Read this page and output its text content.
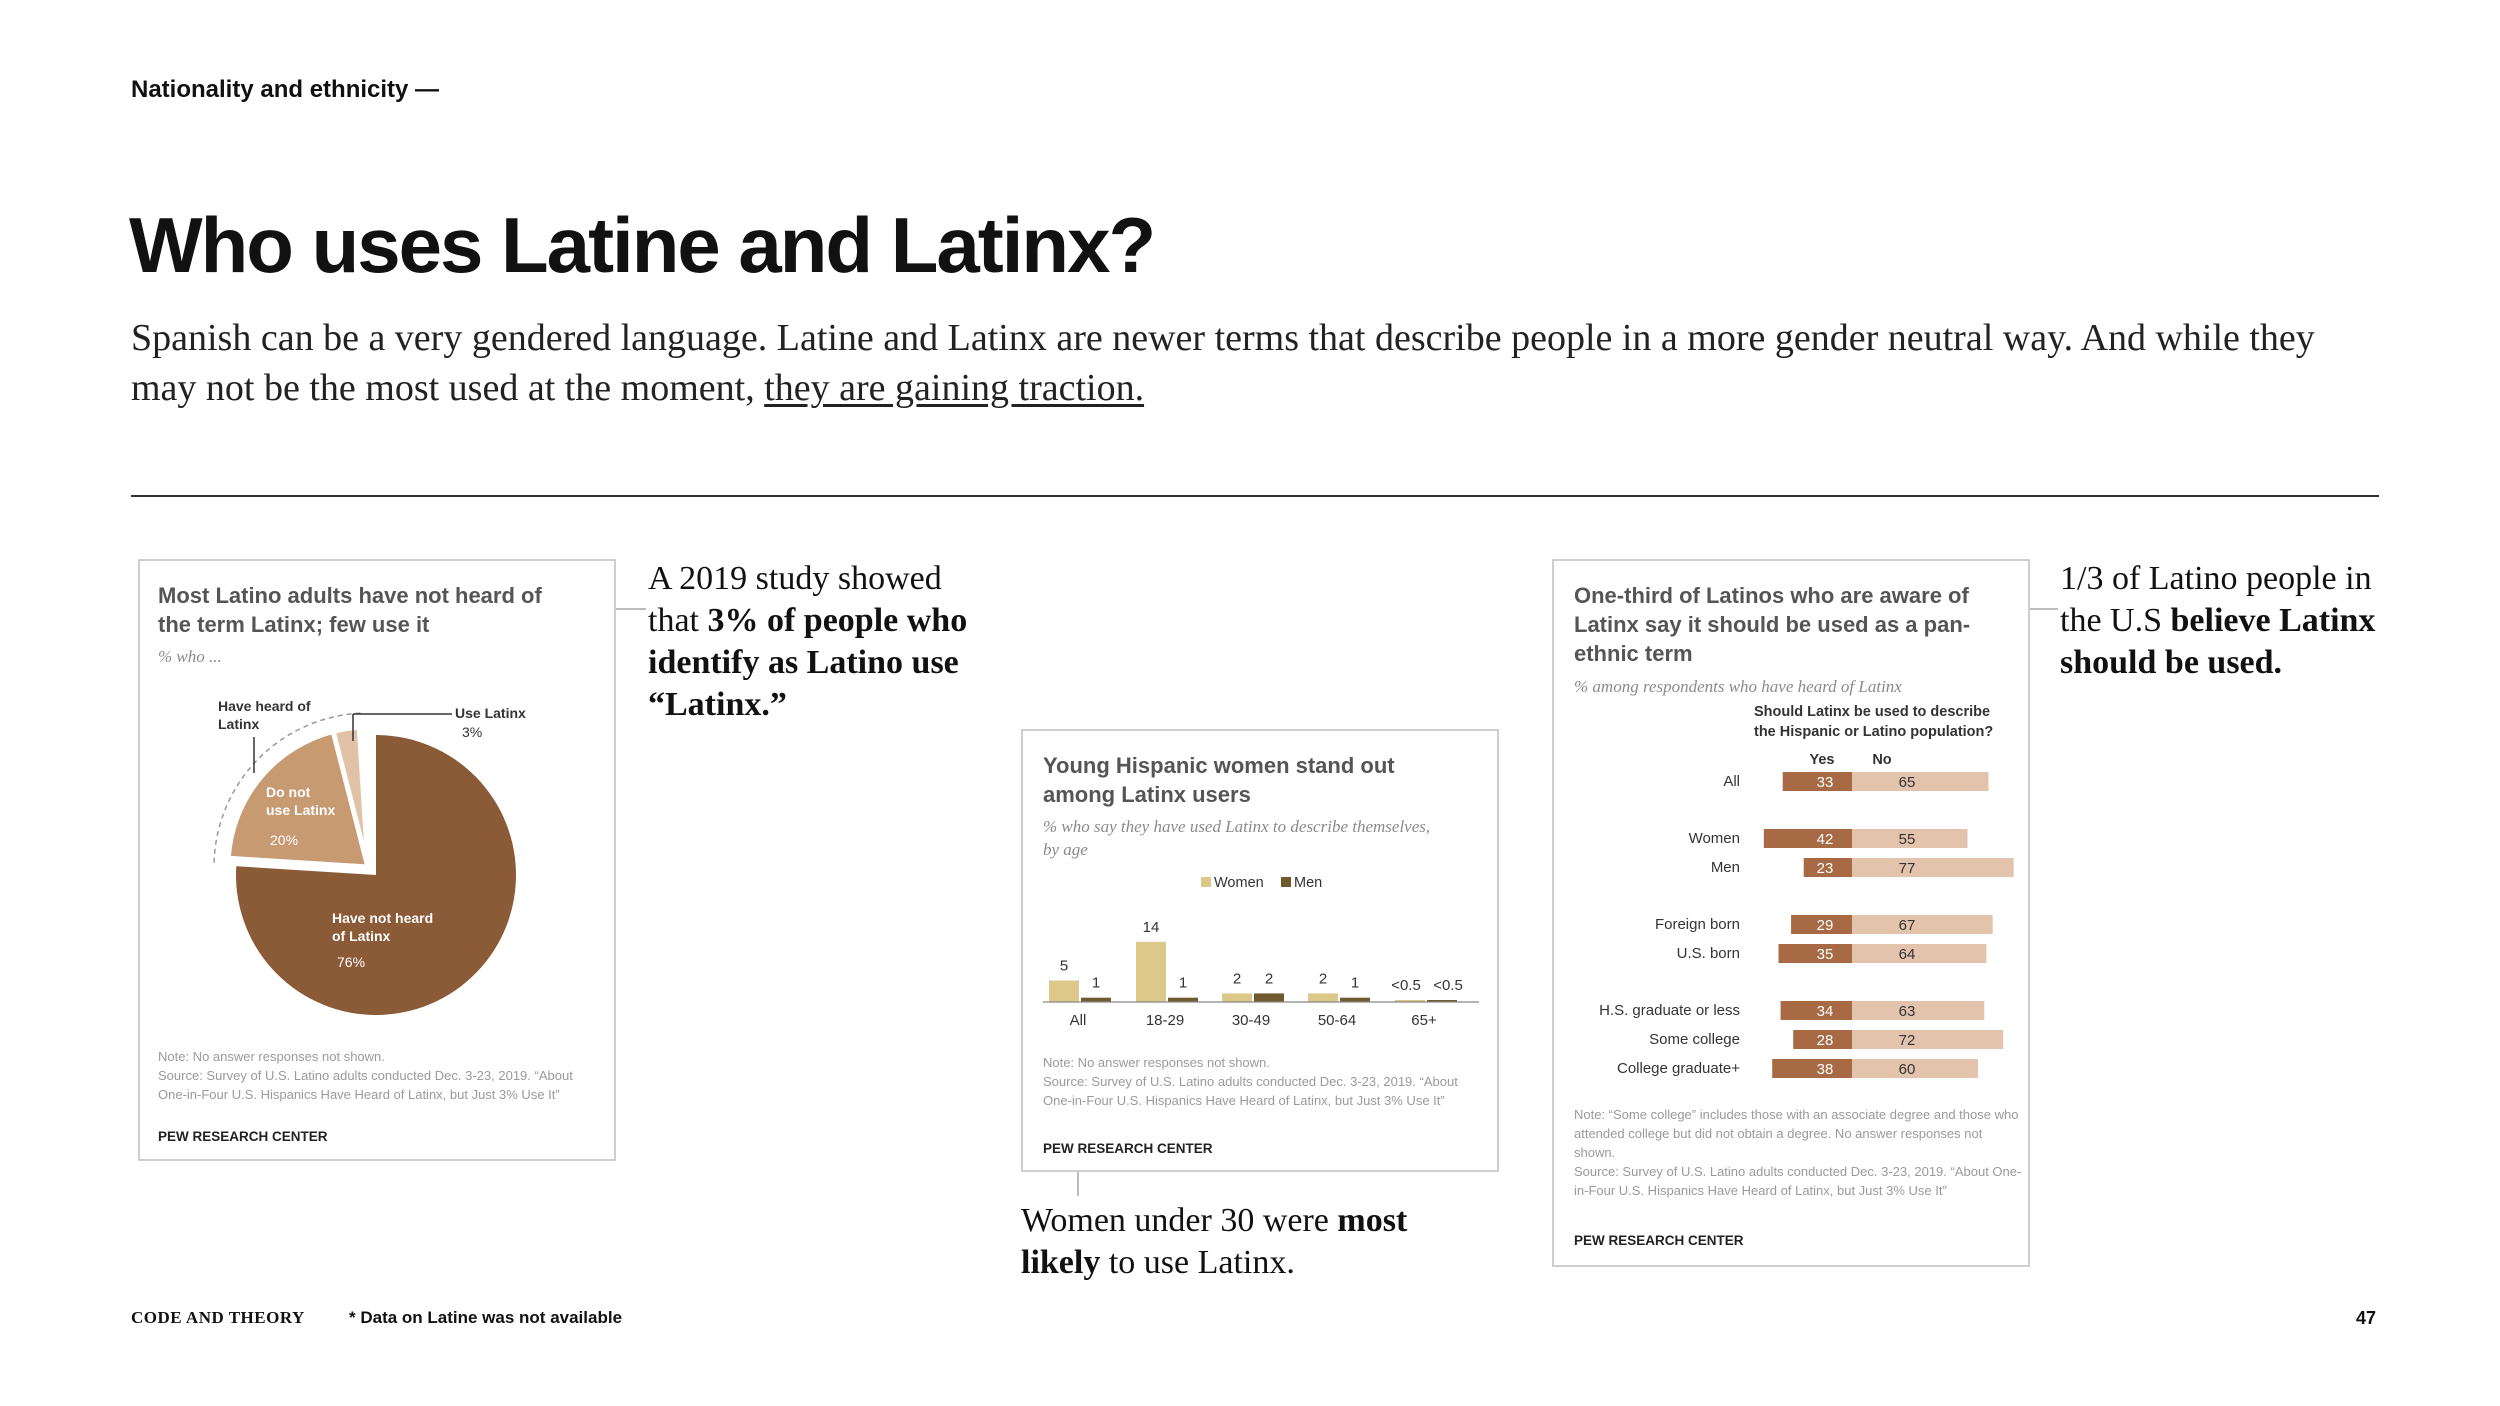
Nationality and ethnicity —
Who uses Latine and Latinx?
Spanish can be a very gendered language. Latine and Latinx are newer terms that describe people in a more gender neutral way. And while they may not be the most used at the moment, they are gaining traction.
Most Latino adults have not heard of the term Latinx; few use it
% who ...
Have heard of Latinx
Use Latinx
3%
Do not use Latinx
20%
Have not heard of Latinx
76%
Note: No answer responses not shown.
Source: Survey of U.S. Latino adults conducted Dec. 3-23, 2019. “About One-in-Four U.S. Hispanics Have Heard of Latinx, but Just 3% Use It”
PEW RESEARCH CENTER
A 2019 study showed that 3% of people who identify as Latino use “Latinx.”
Young Hispanic women stand out among Latinx users
% who say they have used Latinx to describe themselves, by age
Women Men
All
5
1
18-29
14
1
30-49
2 2
50-64
2 1
65+
<0.5 <0.5
Note: No answer responses not shown.
Source: Survey of U.S. Latino adults conducted Dec. 3-23, 2019. “About One-in-Four U.S. Hispanics Have Heard of Latinx, but Just 3% Use It”
PEW RESEARCH CENTER
Women under 30 were most likely to use Latinx.
One-third of Latinos who are aware of Latinx say it should be used as a pan-ethnic term
% among respondents who have heard of Latinx
Should Latinx be used to describe the Hispanic or Latino population?
Yes	No
All	33	65
Women	42	55
Men	23	77
Foreign born	29	67
U.S. born	35	64
H.S. graduate or less	34	63
Some college	28	72
College graduate+	38	60
Note: “Some college” includes those with an associate degree and those who attended college but did not obtain a degree. No answer responses not shown.
Source: Survey of U.S. Latino adults conducted Dec. 3-23, 2019. “About One-in-Four U.S. Hispanics Have Heard of Latinx, but Just 3% Use It”
PEW RESEARCH CENTER
1/3 of Latino people in the U.S believe Latinx should be used.
CODE AND THEORY	* Data on Latine was not available	47
